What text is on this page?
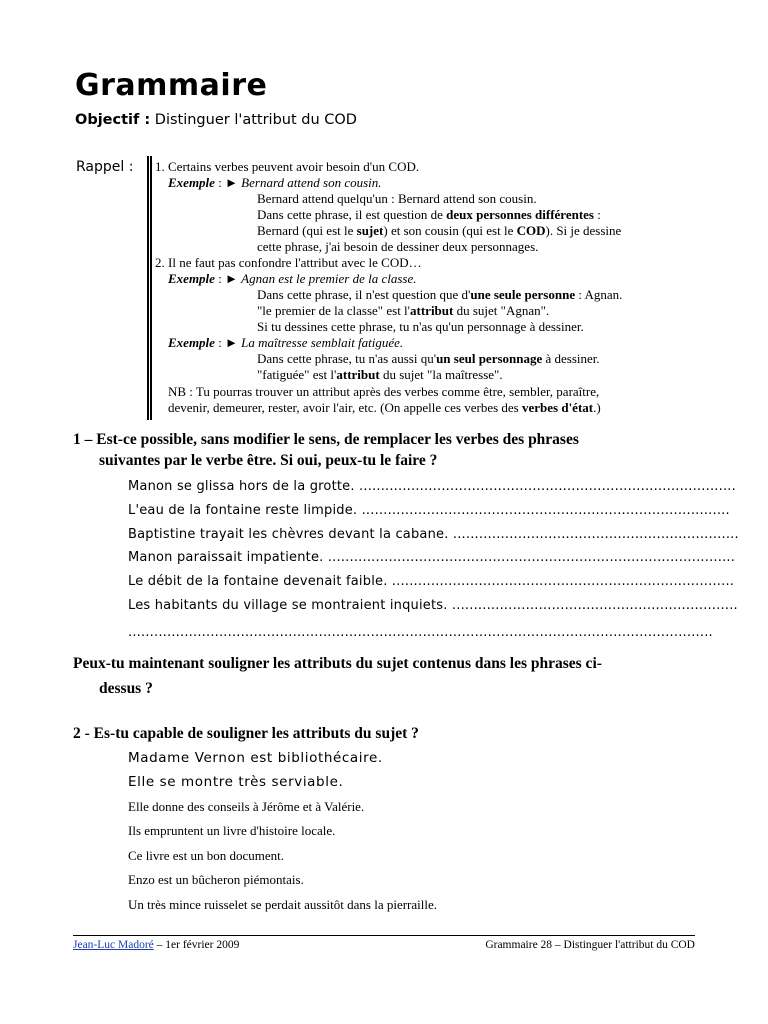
Grammaire
Objectif : Distinguer l'attribut du COD
Rappel : 1. Certains verbes peuvent avoir besoin d'un COD.
Exemple : ► Bernard attend son cousin.
Bernard attend quelqu'un : Bernard attend son cousin.
Dans cette phrase, il est question de deux personnes différentes :
Bernard (qui est le sujet) et son cousin (qui est le COD). Si je dessine
cette phrase, j'ai besoin de dessiner deux personnages.
2. Il ne faut pas confondre l'attribut avec le COD…
Exemple : ► Agnan est le premier de la classe.
Dans cette phrase, il n'est question que d'une seule personne : Agnan.
"le premier de la classe" est l'attribut du sujet "Agnan".
Si tu dessines cette phrase, tu n'as qu'un personnage à dessiner.
Exemple : ► La maîtresse semblait fatiguée.
Dans cette phrase, tu n'as aussi qu'un seul personnage à dessiner.
"fatiguée" est l'attribut du sujet "la maîtresse".
NB : Tu pourras trouver un attribut après des verbes comme être, sembler, paraître,
devenir, demeurer, rester, avoir l'air, etc. (On appelle ces verbes des verbes d'état.)
1 – Est-ce possible, sans modifier le sens, de remplacer les verbes des phrases
suivantes par le verbe être. Si oui, peux-tu le faire ?
Manon se glissa hors de la grotte. .......................................................................................
L'eau de la fontaine reste limpide. .....................................................................................
Baptistine trayait les chèvres devant la cabane. ..................................................................
Manon paraissait impatiente. ..............................................................................................
Le débit de la fontaine devenait faible. ...............................................................................
Les habitants du village se montraient inquiets. ..................................................................
.......................................................................................................................................
Peux-tu maintenant souligner les attributs du sujet contenus dans les phrases ci-
dessus ?
2 - Es-tu capable de souligner les attributs du sujet ?
Madame Vernon est bibliothécaire.
Elle se montre très serviable.
Elle donne des conseils à Jérôme et à Valérie.
Ils empruntent un livre d'histoire locale.
Ce livre est un bon document.
Enzo est un bûcheron piémontais.
Un très mince ruisselet se perdait aussitôt dans la pierraille.
Jean-Luc Madoré – 1er février 2009	Grammaire 28 – Distinguer l'attribut du COD
